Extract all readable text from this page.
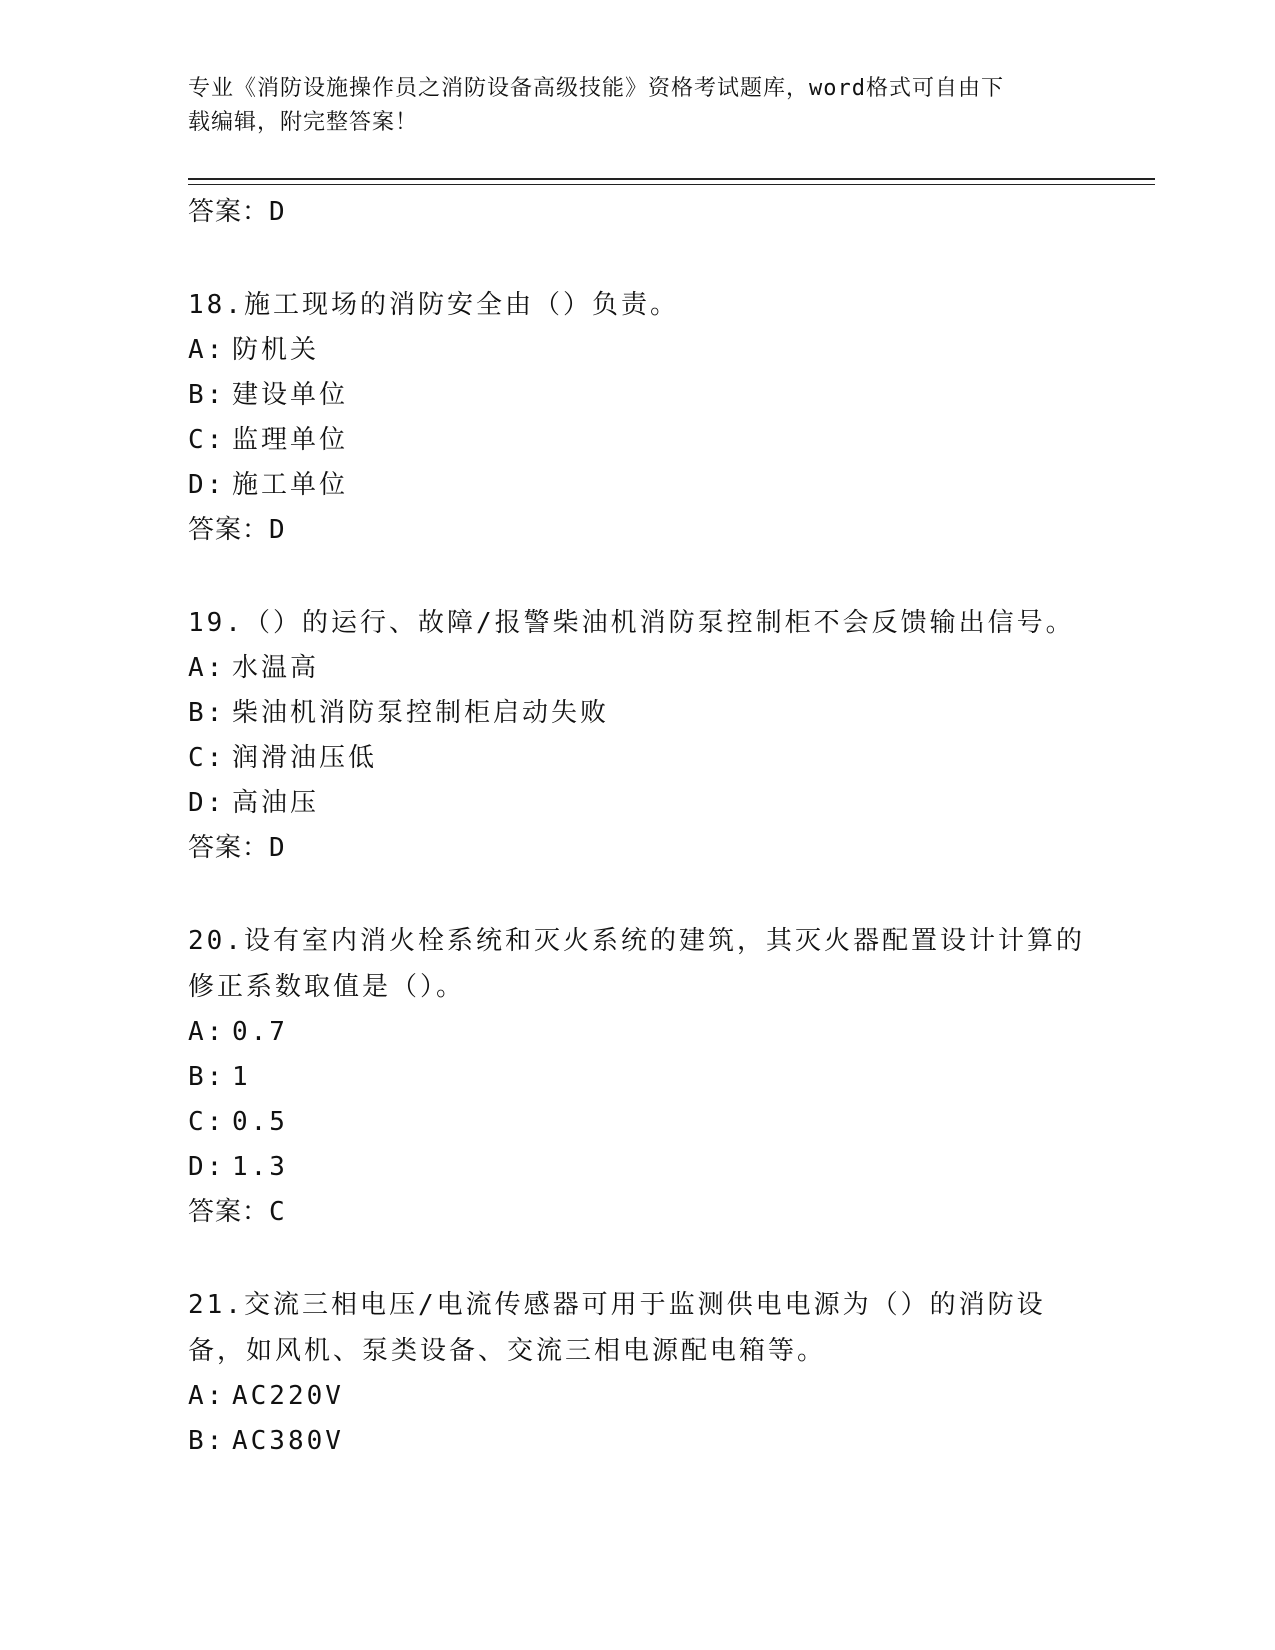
专业《消防设施操作员之消防设备高级技能》资格考试题库，word格式可自由下
载编辑，附完整答案！
答案：D
18.施工现场的消防安全由（）负责。
A: 防机关
B: 建设单位
C: 监理单位
D: 施工单位
答案：D
19.（）的运行、故障/报警柴油机消防泵控制柜不会反馈输出信号。
A: 水温高
B: 柴油机消防泵控制柜启动失败
C: 润滑油压低
D: 高油压
答案：D
20.设有室内消火栓系统和灭火系统的建筑，其灭火器配置设计计算的修正系数取值是（）。
A: 0.7
B: 1
C: 0.5
D: 1.3
答案：C
21.交流三相电压/电流传感器可用于监测供电电源为（）的消防设备，如风机、泵类设备、交流三相电源配电箱等。
A: AC220V
B: AC380V
